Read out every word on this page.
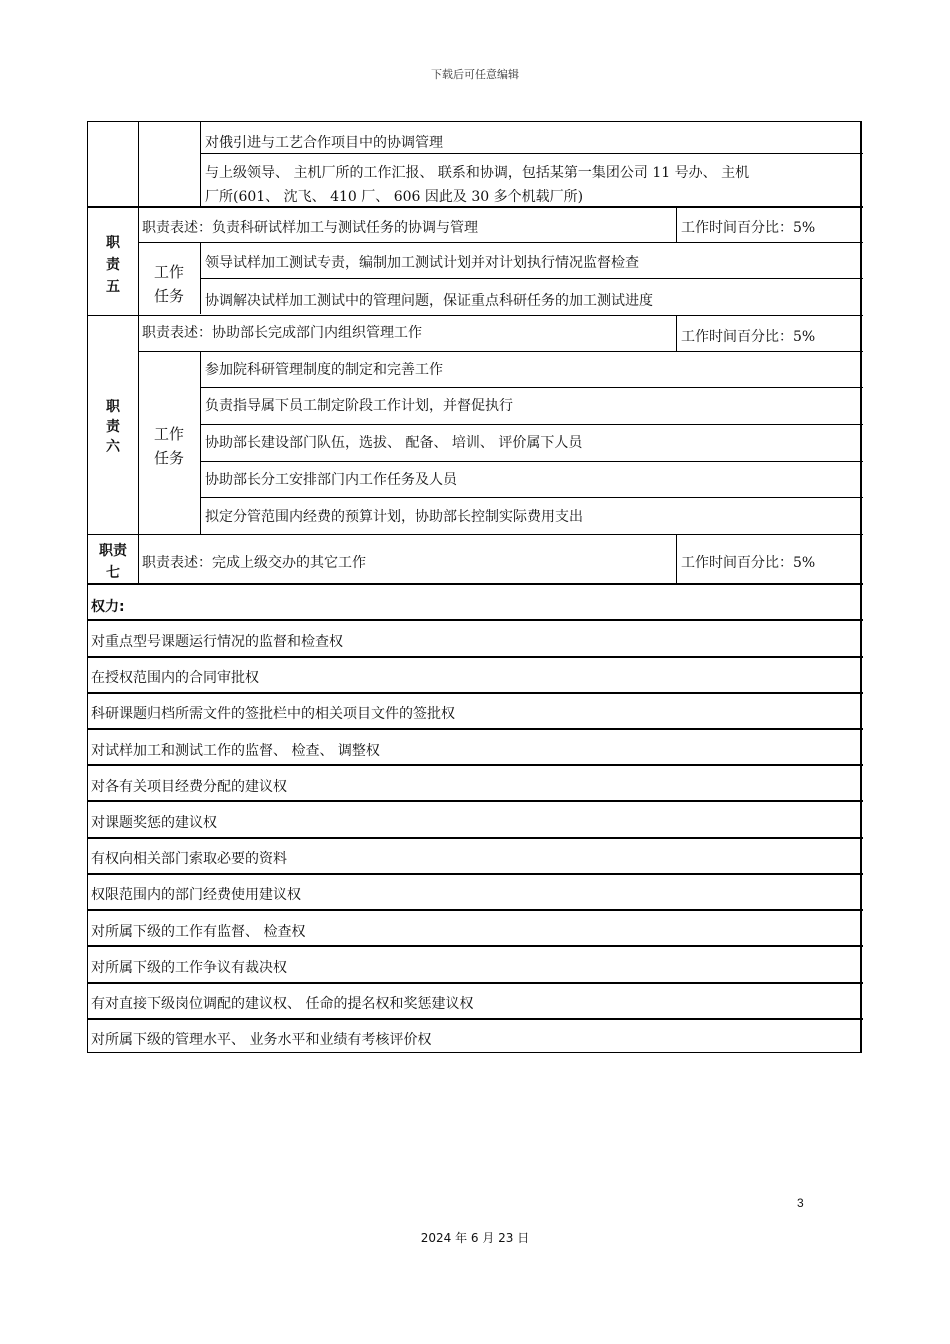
下载后可任意编辑
对俄引进与工艺合作项目中的协调管理
与上级领导、 主机厂所的工作汇报、 联系和协调，包括某第一集团公司 11 号办、 主机
厂所(601、 沈飞、 410 厂、 606 因此及 30 多个机载厂所)
职
责
五
职责表述：负责科研试样加工与测试任务的协调与管理	工作时间百分比：5%
工作
任务
领导试样加工测试专责，编制加工测试计划并对计划执行情况监督检查
协调解决试样加工测试中的管理问题，保证重点科研任务的加工测试进度
职
责
六
职责表述：协助部长完成部门内组织管理工作	工作时间百分比：5%
工作
任务
参加院科研管理制度的制定和完善工作
负责指导属下员工制定阶段工作计划，并督促执行
协助部长建设部门队伍，选拔、 配备、 培训、 评价属下人员
协助部长分工安排部门内工作任务及人员
拟定分管范围内经费的预算计划，协助部长控制实际费用支出
职责
七
职责表述：完成上级交办的其它工作	工作时间百分比：5%
权力:
对重点型号课题运行情况的监督和检查权
在授权范围内的合同审批权
科研课题归档所需文件的签批栏中的相关项目文件的签批权
对试样加工和测试工作的监督、 检查、 调整权
对各有关项目经费分配的建议权
对课题奖惩的建议权
有权向相关部门索取必要的资料
权限范围内的部门经费使用建议权
对所属下级的工作有监督、 检查权
对所属下级的工作争议有裁决权
有对直接下级岗位调配的建议权、 任命的提名权和奖惩建议权
对所属下级的管理水平、 业务水平和业绩有考核评价权
3
2024 年 6 月 23 日
